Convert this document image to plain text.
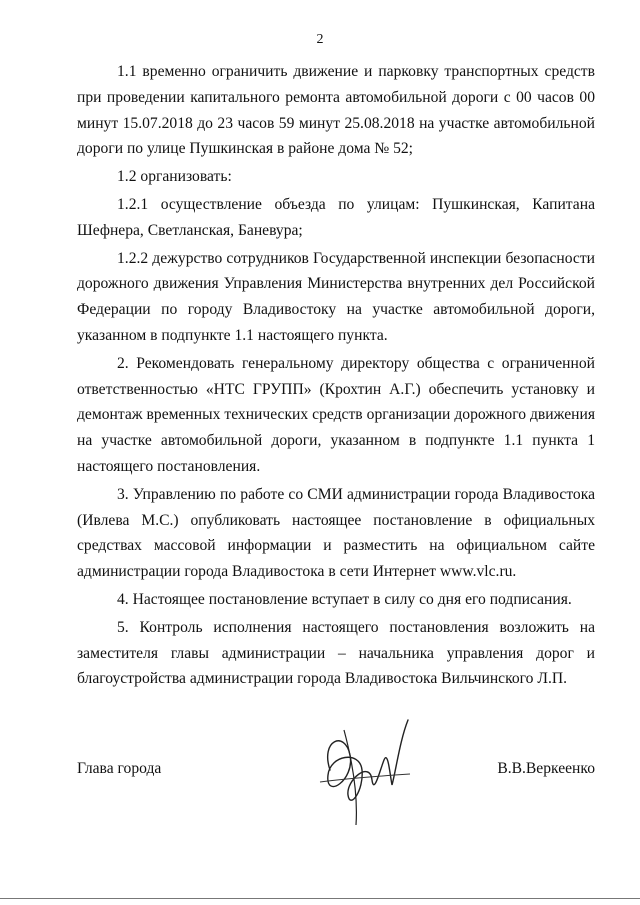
2

1.1 временно ограничить движение и парковку транспортных средств при проведении капитального ремонта автомобильной дороги с 00 часов 00 минут 15.07.2018 до 23 часов 59 минут 25.08.2018 на участке автомобильной дороги по улице Пушкинская в районе дома № 52;

1.2 организовать:

1.2.1 осуществление объезда по улицам: Пушкинская, Капитана Шефнера, Светланская, Баневура;

1.2.2 дежурство сотрудников Государственной инспекции безопасности дорожного движения Управления Министерства внутренних дел Российской Федерации по городу Владивостоку на участке автомобильной дороги, указанном в подпункте 1.1 настоящего пункта.

2. Рекомендовать генеральному директору общества с ограниченной ответственностью «НТС ГРУПП» (Крохтин А.Г.) обеспечить установку и демонтаж временных технических средств организации дорожного движения на участке автомобильной дороги, указанном в подпункте 1.1 пункта 1 настоящего постановления.

3. Управлению по работе со СМИ администрации города Владивостока (Ивлева М.С.) опубликовать настоящее постановление в официальных средствах массовой информации и разместить на официальном сайте администрации города Владивостока в сети Интернет www.vlc.ru.

4. Настоящее постановление вступает в силу со дня его подписания.

5. Контроль исполнения настоящего постановления возложить на заместителя главы администрации – начальника управления дорог и благоустройства администрации города Владивостока Вильчинского Л.П.

Глава города	В.В.Веркеенко
